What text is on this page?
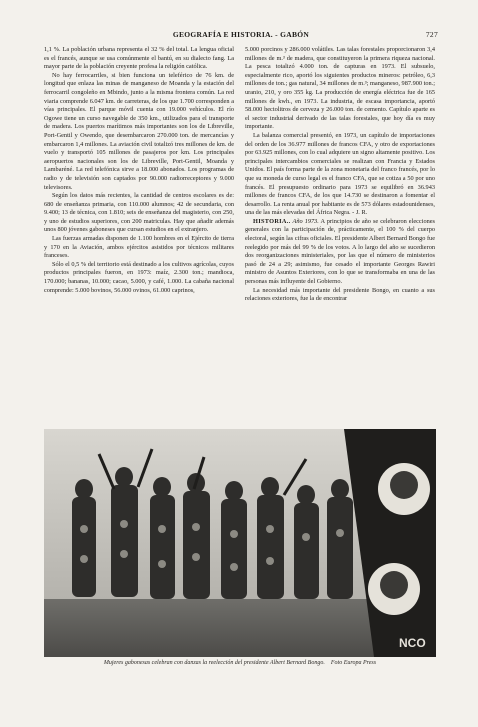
GEOGRAFÍA E HISTORIA. - GABÓN	727

1,1 %. La población urbana representa el 32 % del total. La lengua oficial es el francés, aunque se usa comúnmente el bantú, en su dialecto fang. La mayor parte de la población creyente profesa la religión católica.

No hay ferrocarriles, si bien funciona un teleférico de 76 km. de longitud que enlaza las minas de manganeso de Moanda y la estación del ferrocarril congoleño en Mbindo, junto a la misma frontera común. La red viaria comprende 6.047 km. de carreteras, de los que 1.700 corresponden a vías principales. El parque móvil cuenta con 19.000 vehículos. El río Ogowe tiene un curso navegable de 350 km., utilizados para el transporte de madera. Los puertos marítimos más importantes son los de Libreville, Port-Gentil y Owendo, que desembarcaron 270.000 ton. de mercancías y embarcaron 1,4 millones. La aviación civil totalizó tres millones de km. de vuelo y transportó 105 millones de pasajeros por km. Los principales aeropuertos nacionales son los de Libreville, Port-Gentil, Moanda y Lambaréné. La red telefónica sirve a 18.000 abonados. Los programas de radio y de televisión son captados por 90.000 radiorreceptores y 9.000 televisores.

Según los datos más recientes, la cantidad de centros escolares es de: 680 de enseñanza primaria, con 110.000 alumnos; 42 de secundaria, con 9.400; 13 de técnica, con 1.810; seis de enseñanza del magisterio, con 250, y uno de estudios superiores, con 200 matriculas. Hay que añadir además unos 800 jóvenes gaboneses que cursan estudios en el extranjero.

Las fuerzas armadas disponen de 1.100 hombres en el Ejército de tierra y 170 en la Aviación, ambos ejércitos asistidos por técnicos militares franceses.

Sólo el 0,5 % del territorio está destinado a los cultivos agrícolas, cuyos productos principales fueron, en 1973: maíz, 2.300 ton.; mandioca, 170.000; bananas, 10.000; cacao, 5.000, y café, 1.000. La cabaña nacional comprende: 5.000 bovinos, 56.000 ovinos, 61.000 caprinos,

5.000 porcinos y 286.000 volátiles. Las talas forestales proporcionaron 3,4 millones de m.³ de madera, que constituyeron la primera riqueza nacional. La pesca totalizó 4.000 ton. de capturas en 1973. El subsuelo, especialmente rico, aportó los siguientes productos mineros: petróleo, 6,3 millones de ton.; gas natural, 34 millones de m.³; manganeso, 987.900 ton.; uranio, 210, y oro 355 kg. La producción de energía eléctrica fue de 165 millones de kwh., en 1973. La industria, de escasa importancia, aportó 58.000 hectolitros de cerveza y 26.000 ton. de cemento. Capítulo aparte es el sector industrial derivado de las talas forestales, que hoy día es muy importante.

La balanza comercial presentó, en 1973, un capítulo de importaciones del orden de los 36.977 millones de francos CFA, y otro de exportaciones por 63.925 millones, con lo cual adquiere un signo altamente positivo. Los principales intercambios comerciales se realizan con Francia y Estados Unidos. El país forma parte de la zona monetaria del franco francés, por lo que su moneda de curso legal es el franco CFA, que se cotiza a 50 por uno francés. El presupuesto ordinario para 1973 se equilibró en 36.943 millones de francos CFA, de los que 14.730 se destinaron a fomentar el desarrollo. La renta anual por habitante es de 573 dólares estadounidenses, una de las más elevadas del África Negra. - J. R.

HISTORIA.. Año 1973. A principios de año se celebraron elecciones generales con la participación de, prácticamente, el 100 % del cuerpo electoral, según las cifras oficiales. El presidente Albert Bernard Bongo fue reelegido por más del 99 % de los votos. A lo largo del año se sucedieron dos reorganizaciones ministeriales, por las que el número de ministerios pasó de 24 a 29; asimismo, fue cesado el importante Georges Rawiri ministro de Asuntos Exteriores, con lo que se transformaba en una de las personas más influyente del Gobierno.

La necesidad más importante del presidente Bongo, en cuanto a sus relaciones exteriores, fue la de encontrar

NCO
Mujeres gabonesas celebran con danzas la reelección del presidente Albert Bernard Bongo. Foto Europa Press
